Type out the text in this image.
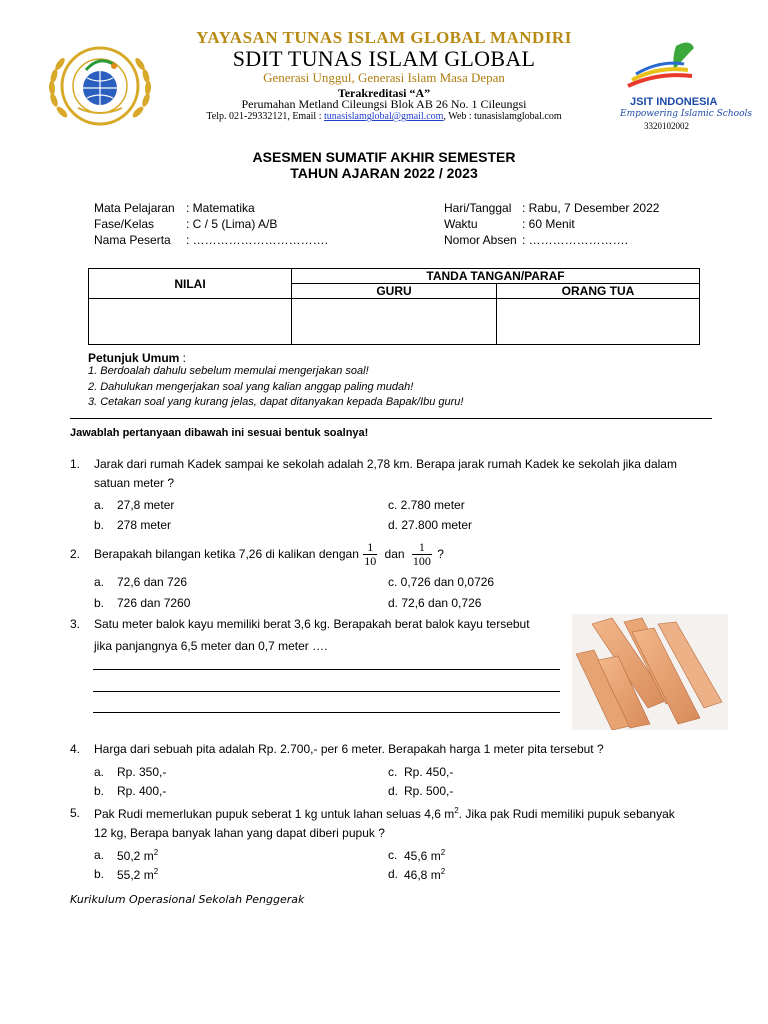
YAYASAN TUNAS ISLAM GLOBAL MANDIRI
SDIT TUNAS ISLAM GLOBAL
Generasi Unggul, Generasi Islam Masa Depan
Terakreditasi “A”
Perumahan Metland Cileungsi Blok AB 26 No. 1 Cileungsi
Telp. 021-29332121, Email : tunasislamglobal@gmail.com, Web : tunasislamglobal.com
JSIT INDONESIA
Empowering Islamic Schools
3320102002
ASESMEN SUMATIF AKHIR SEMESTER
TAHUN AJARAN 2022 / 2023
Mata Pelajaran : Matematika
Fase/Kelas	: C / 5 (Lima) A/B
Nama Peserta : …………………………….
Hari/Tanggal : Rabu, 7 Desember 2022
Waktu	: 60 Menit
Nomor Absen : …………………….
NILAI	TANDA TANGAN/PARAF	
	GURU	ORANG TUA

Petunjuk Umum :
1. Berdoalah dahulu sebelum memulai mengerjakan soal!
2. Dahulukan mengerjakan soal yang kalian anggap paling mudah!
3. Cetakan soal yang kurang jelas, dapat ditanyakan kepada Bapak/Ibu guru!
Jawablah pertanyaan dibawah ini sesuai bentuk soalnya!
1. Jarak dari rumah Kadek sampai ke sekolah adalah 2,78 km. Berapa jarak rumah Kadek ke sekolah jika dalam
satuan meter ?
a. 27,8 meter
b. 278 meter
c. 2.780 meter
d. 27.800 meter
2. Berapakah bilangan ketika 7,26 di kalikan dengan $\frac{1}{10}$ dan $\frac{1}{100}$ ?
a. 72,6 dan 726
b. 726 dan 7260
c. 0,726 dan 0,0726
d. 72,6 dan 0,726
3. Satu meter balok kayu memiliki berat 3,6 kg. Berapakah berat balok kayu tersebut
jika panjangnya 6,5 meter dan 0,7 meter ….
4. Harga dari sebuah pita adalah Rp. 2.700,- per 6 meter. Berapakah harga 1 meter pita tersebut ?
a. Rp. 350,-
b. Rp. 400,-
c. Rp. 450,-
d. Rp. 500,-
5. Pak Rudi memerlukan pupuk seberat 1 kg untuk lahan seluas 4,6 $m^2$. Jika pak Rudi memiliki pupuk sebanyak
12 kg, Berapa banyak lahan yang dapat diberi pupuk ?
a. 50,2 $m^2$
b. 55,2 $m^2$
c. 45,6 $m^2$
d. 46,8 $m^2$
Kurikulum Operasional Sekolah Penggerak
